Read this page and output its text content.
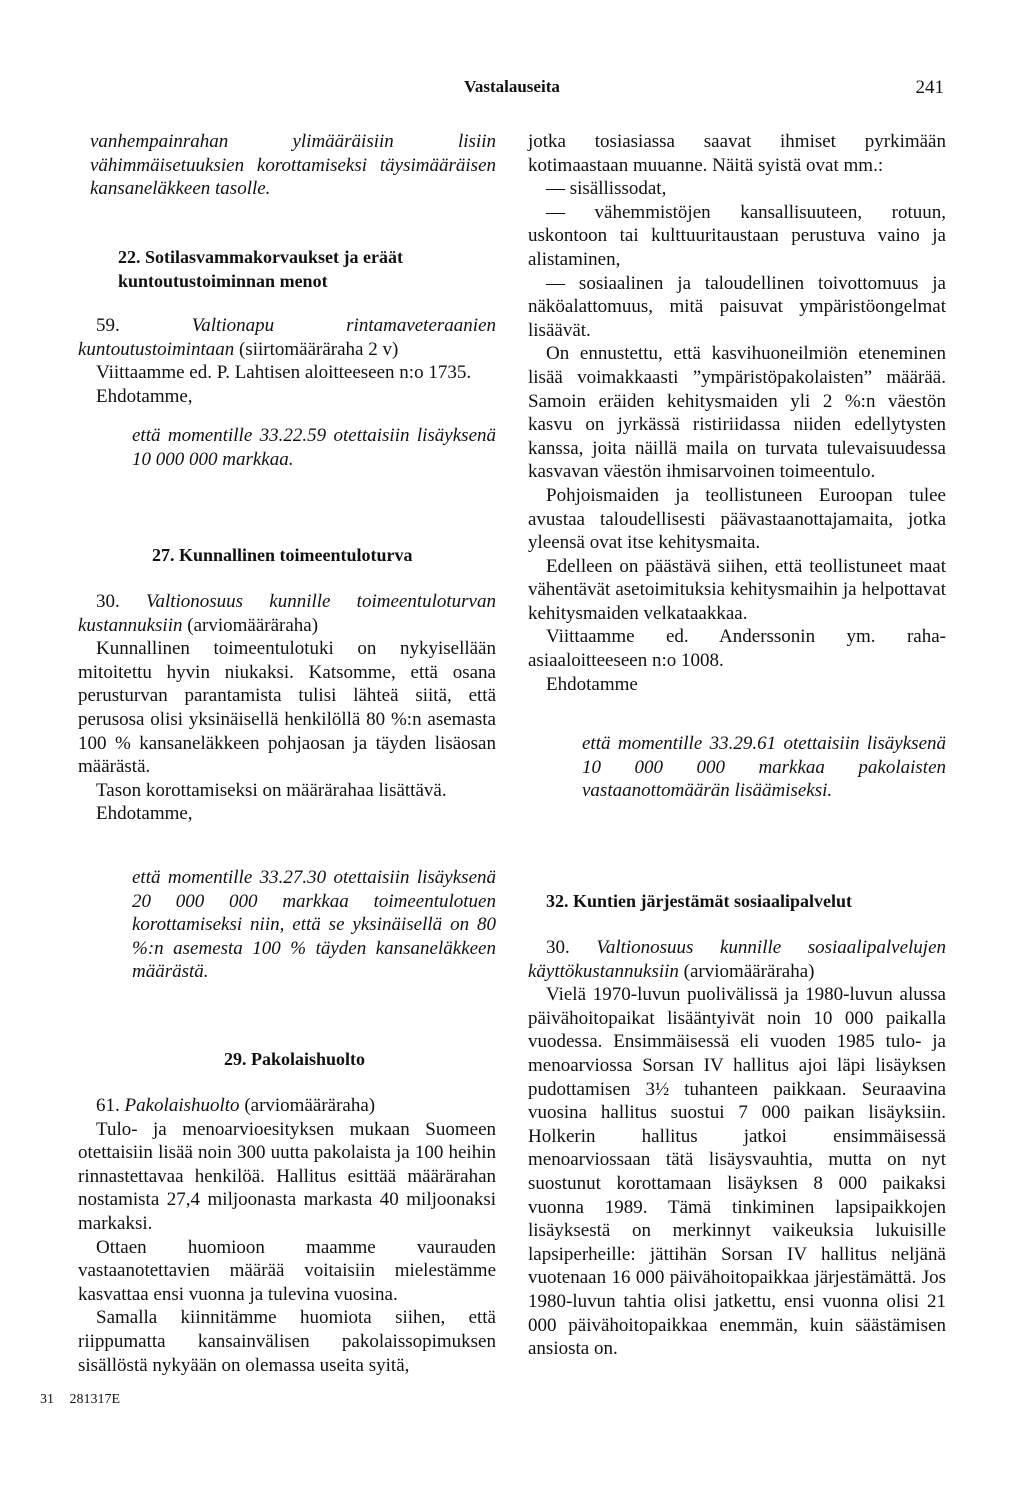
Vastalauseita	241

vanhempainrahan ylimääräisiin lisiin vähimmäisetuuksien korottamiseksi täysimääräisen kansaneläkkeen tasolle.

22. Sotilasvammakorvaukset ja eräät kuntoutustoiminnan menot

59.	Valtionapu rintamaveteraanien kuntoutustoimintaan (siirtomääräraha 2 v)

Viittaamme ed. P. Lahtisen aloitteeseen n:o 1735.

Ehdotamme,

että momentille 33.22.59 otettaisiin lisäyksenä 10 000 000 markkaa.

27. Kunnallinen toimeentuloturva

30. Valtionosuus kunnille toimeentuloturvan kustannuksiin (arviomääräraha)

Kunnallinen toimeentulotuki on nykyisellään mitoitettu hyvin niukaksi. Katsomme, että osana perusturvan parantamista tulisi lähteä siitä, että perusosa olisi yksinäisellä henkilöllä 80 %:n asemasta 100 % kansaneläkkeen pohjaosan ja täyden lisäosan määrästä.

Tason korottamiseksi on määrärahaa lisättävä.

Ehdotamme,

että momentille 33.27.30 otettaisiin lisäyksenä 20 000 000 markkaa toimeentulotuen korottamiseksi niin, että se yksinäisellä on 80 %:n asemesta 100 % täyden kansaneläkkeen määrästä.

29. Pakolaishuolto

61. Pakolaishuolto (arviomääräraha)

Tulo- ja menoarvioesityksen mukaan Suomeen otettaisiin lisää noin 300 uutta pakolaista ja 100 heihin rinnastettavaa henkilöä. Hallitus esittää määrärahan nostamista 27,4 miljoonasta markasta 40 miljoonaksi markaksi.

Ottaen huomioon maamme vaurauden vastaanotettavien määrää voitaisiin mielestämme kasvattaa ensi vuonna ja tulevina vuosina.

Samalla kiinnitämme huomiota siihen, että riippumatta kansainvälisen pakolaissopimuksen sisällöstä nykyään on olemassa useita syitä,

jotka tosiasiassa saavat ihmiset pyrkimään kotimaastaan muuanne. Näitä syistä ovat mm.:

— sisällissodat,

— vähemmistöjen kansallisuuteen, rotuun, uskontoon tai kulttuuritaustaan perustuva vaino ja alistaminen,

— sosiaalinen ja taloudellinen toivottomuus ja näköalattomuus, mitä paisuvat ympäristöongelmat lisäävät.

On ennustettu, että kasvihuoneilmiön eteneminen lisää voimakkaasti ”ympäristöpakolaisten” määrää. Samoin eräiden kehitysmaiden yli 2 %:n väestön kasvu on jyrkässä ristiriidassa niiden edellytysten kanssa, joita näillä maila on turvata tulevaisuudessa kasvavan väestön ihmisarvoinen toimeentulo.

Pohjoismaiden ja teollistuneen Euroopan tulee avustaa taloudellisesti päävastaanottajamaita, jotka yleensä ovat itse kehitysmaita.

Edelleen on päästävä siihen, että teollistuneet maat vähentävät asetoimituksia kehitysmaihin ja helpottavat kehitysmaiden velkataakkaa.

Viittaamme ed. Anderssonin ym. raha-asiaaloitteeseen n:o 1008.

Ehdotamme

että momentille 33.29.61 otettaisiin lisäyksenä 10 000 000 markkaa pakolaisten vastaanottomäärän lisäämiseksi.

32. Kuntien järjestämät sosiaalipalvelut

30. Valtionosuus kunnille sosiaalipalvelujen käyttökustannuksiin (arviomääräraha)

Vielä 1970-luvun puolivälissä ja 1980-luvun alussa päivähoitopaikat lisääntyivät noin 10 000 paikalla vuodessa. Ensimmäisessä eli vuoden 1985 tulo- ja menoarviossa Sorsan IV hallitus ajoi läpi lisäyksen pudottamisen 3½ tuhanteen paikkaan. Seuraavina vuosina hallitus suostui 7 000 paikan lisäyksiin. Holkerin hallitus jatkoi ensimmäisessä menoarviossaan tätä lisäysvauhtia, mutta on nyt suostunut korottamaan lisäyksen 8 000 paikaksi vuonna 1989. Tämä tinkiminen lapsipaikkojen lisäyksestä on merkinnyt vaikeuksia lukuisille lapsiperheille: jättihän Sorsan IV hallitus neljänä vuotenaan 16 000 päivähoitopaikkaa järjestämättä. Jos 1980-luvun tahtia olisi jatkettu, ensi vuonna olisi 21 000 päivähoitopaikkaa enemmän, kuin säästämisen ansiosta on.

31 281317E
